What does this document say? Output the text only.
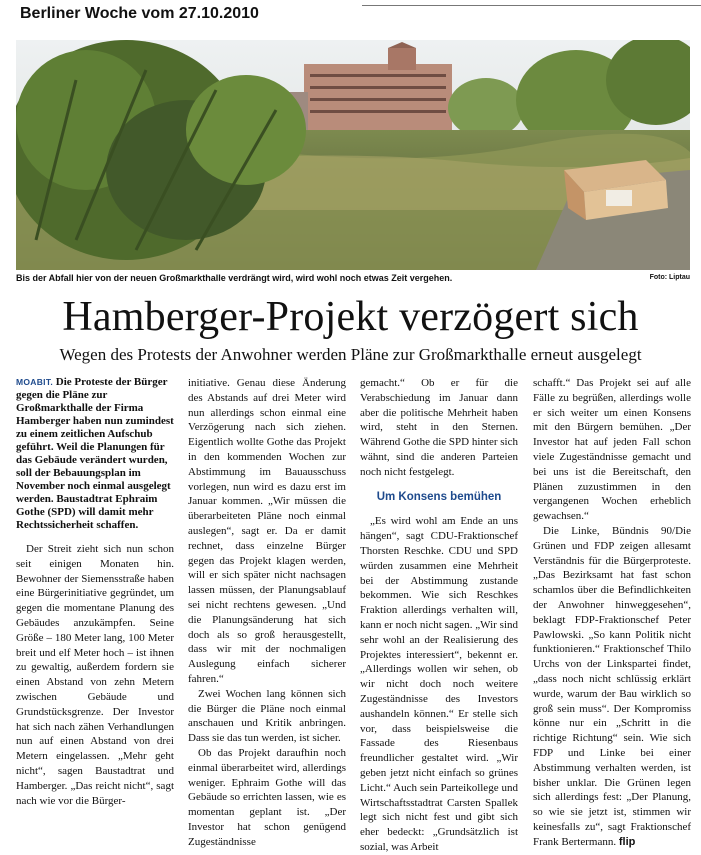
Berliner Woche vom 27.10.2010
Bis der Abfall hier von der neuen Großmarkthalle verdrängt wird, wird wohl noch etwas Zeit vergehen.	Foto: Liptau
Hamberger-Projekt verzögert sich
Wegen des Protests der Anwohner werden Pläne zur Großmarkthalle erneut ausgelegt

MOABIT. Die Proteste der Bürger gegen die Pläne zur Großmarkthalle der Firma Hamberger haben nun zumindest zu einem zeitlichen Aufschub geführt. Weil die Planungen für das Gebäude verändert wurden, soll der Bebauungsplan im November noch einmal ausgelegt werden. Baustadtrat Ephraim Gothe (SPD) will damit mehr Rechtssicherheit schaffen.

Der Streit zieht sich nun schon seit einigen Monaten hin. Bewohner der Siemensstraße haben eine Bürgerinitiative gegründet, um gegen die momentane Planung des Gebäudes anzukämpfen. Seine Größe – 180 Meter lang, 100 Meter breit und elf Meter hoch – ist ihnen zu gewaltig, außerdem fordern sie einen Abstand von zehn Metern zwischen Gebäude und Grundstücksgrenze. Der Investor hat sich nach zähen Verhandlungen nun auf einen Abstand von drei Metern eingelassen. „Mehr geht nicht“, sagen Baustadtrat und Hamberger. „Das reicht nicht“, sagt nach wie vor die Bürger-

initiative. Genau diese Änderung des Abstands auf drei Meter wird nun allerdings schon einmal eine Verzögerung nach sich ziehen. Eigentlich wollte Gothe das Projekt in den kommenden Wochen zur Abstimmung im Bauausschuss vorlegen, nun wird es dazu erst im Januar kommen. „Wir müssen die überarbeiteten Pläne noch einmal auslegen“, sagt er. Da er damit rechnet, dass einzelne Bürger gegen das Projekt klagen werden, will er sich später nicht nachsagen lassen müssen, der Planungsablauf sei nicht rechtens gewesen. „Und die Planungsänderung hat sich doch als so groß herausgestellt, dass wir mit der nochmaligen Auslegung einfach sicherer fahren.“

Zwei Wochen lang können sich die Bürger die Pläne noch einmal anschauen und Kritik anbringen. Dass sie das tun werden, ist sicher.

Ob das Projekt daraufhin noch einmal überarbeitet wird, allerdings weniger. Ephraim Gothe will das Gebäude so errichten lassen, wie es momentan geplant ist. „Der Investor hat schon genügend Zugeständnisse

gemacht.“ Ob er für die Verabschiedung im Januar dann aber die politische Mehrheit haben wird, steht in den Sternen. Während Gothe die SPD hinter sich wähnt, sind die anderen Parteien noch nicht festgelegt.

Um Konsens bemühen

„Es wird wohl am Ende an uns hängen“, sagt CDU-Fraktionschef Thorsten Reschke. CDU und SPD würden zusammen eine Mehrheit bei der Abstimmung zustande bekommen. Wie sich Reschkes Fraktion allerdings verhalten will, kann er noch nicht sagen. „Wir sind sehr wohl an der Realisierung des Projektes interessiert“, bekennt er. „Allerdings wollen wir sehen, ob wir nicht doch noch weitere Zugeständnisse des Investors aushandeln können.“ Er stelle sich vor, dass beispielsweise die Fassade des Riesenbaus freundlicher gestaltet wird. „Wir geben jetzt nicht einfach so grünes Licht.“ Auch sein Parteikollege und Wirtschaftsstadtrat Carsten Spallek legt sich nicht fest und gibt sich eher bedeckt: „Grundsätzlich ist sozial, was Arbeit

schafft.“ Das Projekt sei auf alle Fälle zu begrüßen, allerdings wolle er sich weiter um einen Konsens mit den Bürgern bemühen. „Der Investor hat auf jeden Fall schon viele Zugeständnisse gemacht und bei uns ist die Bereitschaft, den Plänen zuzustimmen in den vergangenen Wochen erheblich gewachsen.“

Die Linke, Bündnis 90/Die Grünen und FDP zeigen allesamt Verständnis für die Bürgerproteste. „Das Bezirksamt hat fast schon schamlos über die Befindlichkeiten der Anwohner hinweggesehen“, beklagt FDP-Fraktionschef Peter Pawlowski. „So kann Politik nicht funktionieren.“ Fraktionschef Thilo Urchs von der Linkspartei findet, „dass noch nicht schlüssig erklärt wurde, warum der Bau wirklich so groß sein muss“. Der Kompromiss könne nur ein „Schritt in die richtige Richtung“ sein. Wie sich FDP und Linke bei einer Abstimmung verhalten werden, ist bisher unklar. Die Grünen legen sich allerdings fest: „Der Planung, so wie sie jetzt ist, stimmen wir keinesfalls zu“, sagt Fraktionschef Frank Bertermann. flip
